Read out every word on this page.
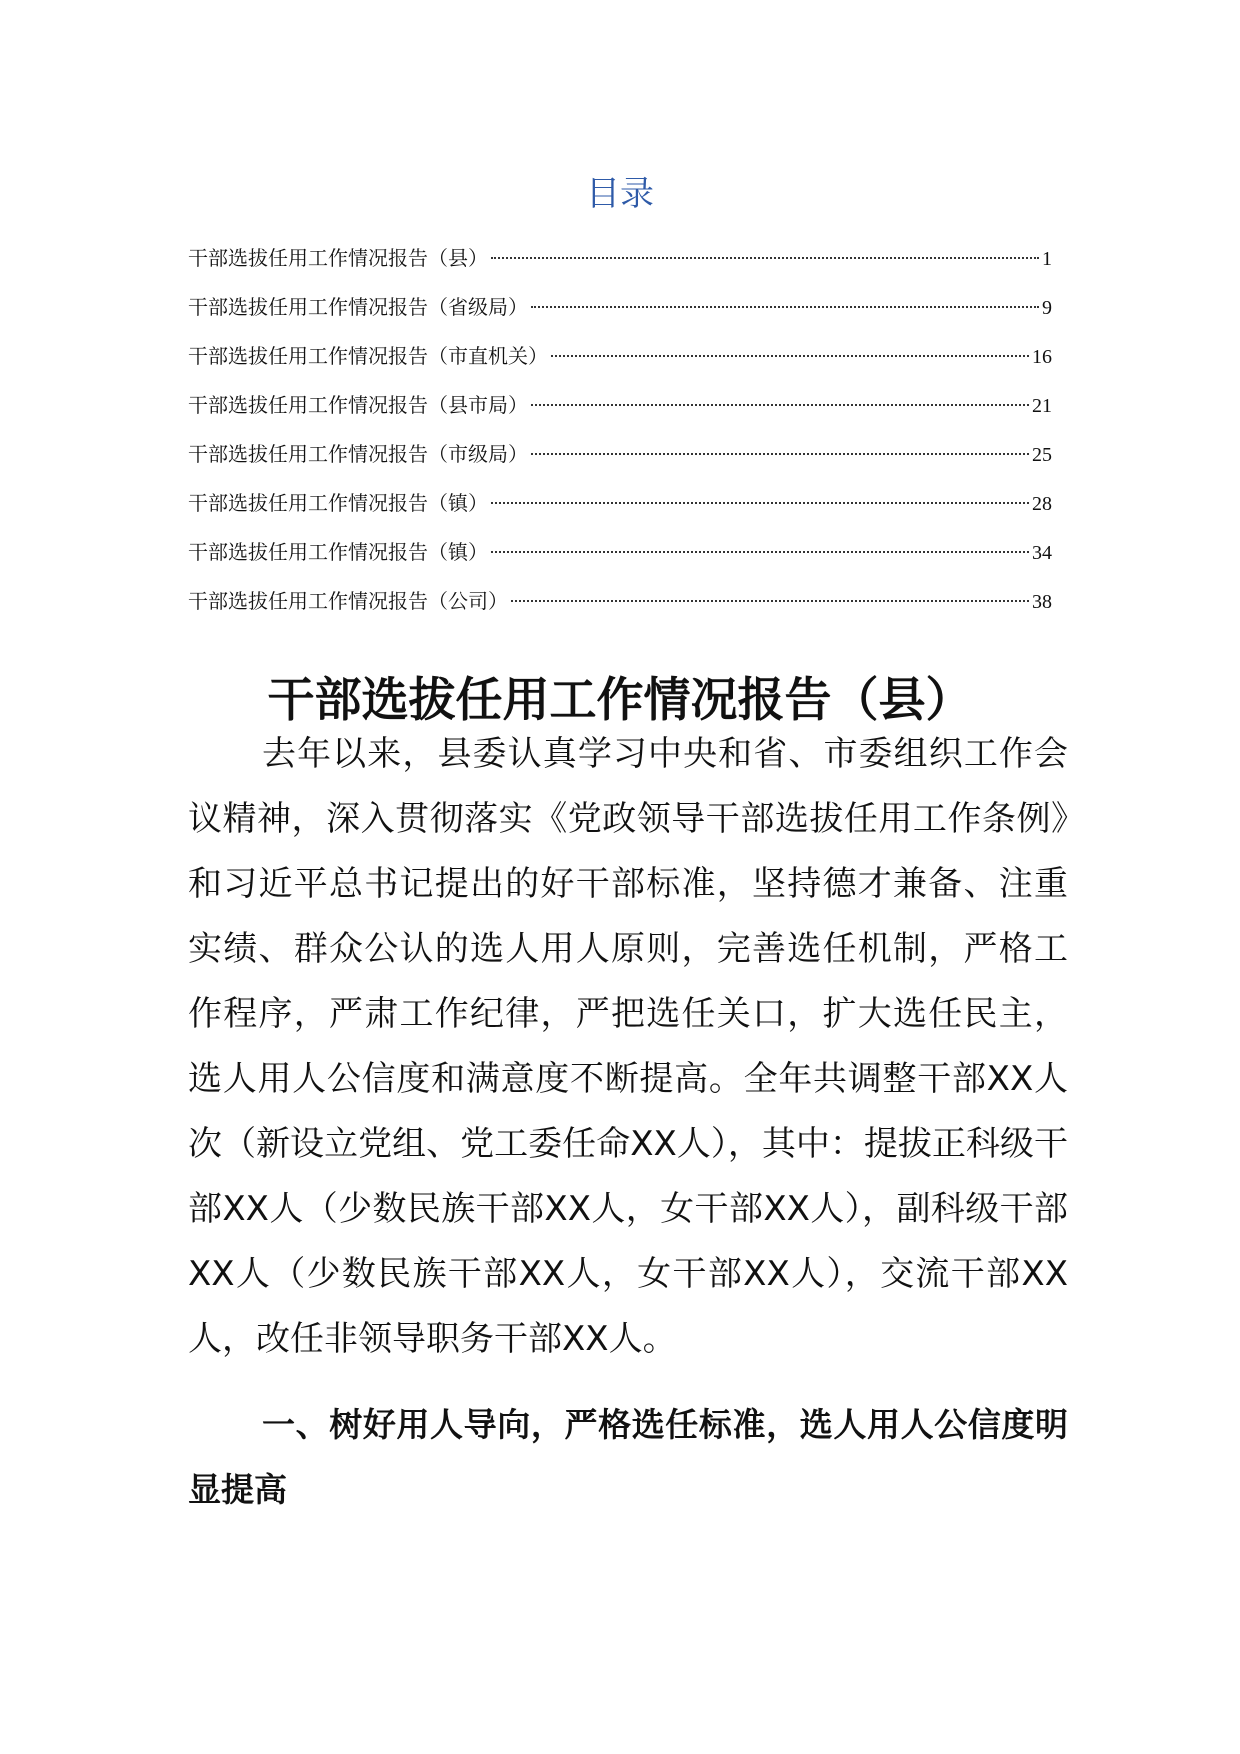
目录
干部选拔任用工作情况报告（县）	1
干部选拔任用工作情况报告（省级局）	9
干部选拔任用工作情况报告（市直机关）	16
干部选拔任用工作情况报告（县市局）	21
干部选拔任用工作情况报告（市级局）	25
干部选拔任用工作情况报告（镇）	28
干部选拔任用工作情况报告（镇）	34
干部选拔任用工作情况报告（公司）	38
干部选拔任用工作情况报告（县）

去年以来，县委认真学习中央和省、市委组织工作会议精神，深入贯彻落实《党政领导干部选拔任用工作条例》和习近平总书记提出的好干部标准，坚持德才兼备、注重实绩、群众公认的选人用人原则，完善选任机制，严格工作程序，严肃工作纪律，严把选任关口，扩大选任民主，选人用人公信度和满意度不断提高。全年共调整干部XX人次（新设立党组、党工委任命XX人），其中：提拔正科级干部XX人（少数民族干部XX人，女干部XX人），副科级干部XX人（少数民族干部XX人，女干部XX人），交流干部XX人，改任非领导职务干部XX人。

一、树好用人导向，严格选任标准，选人用人公信度明显提高
